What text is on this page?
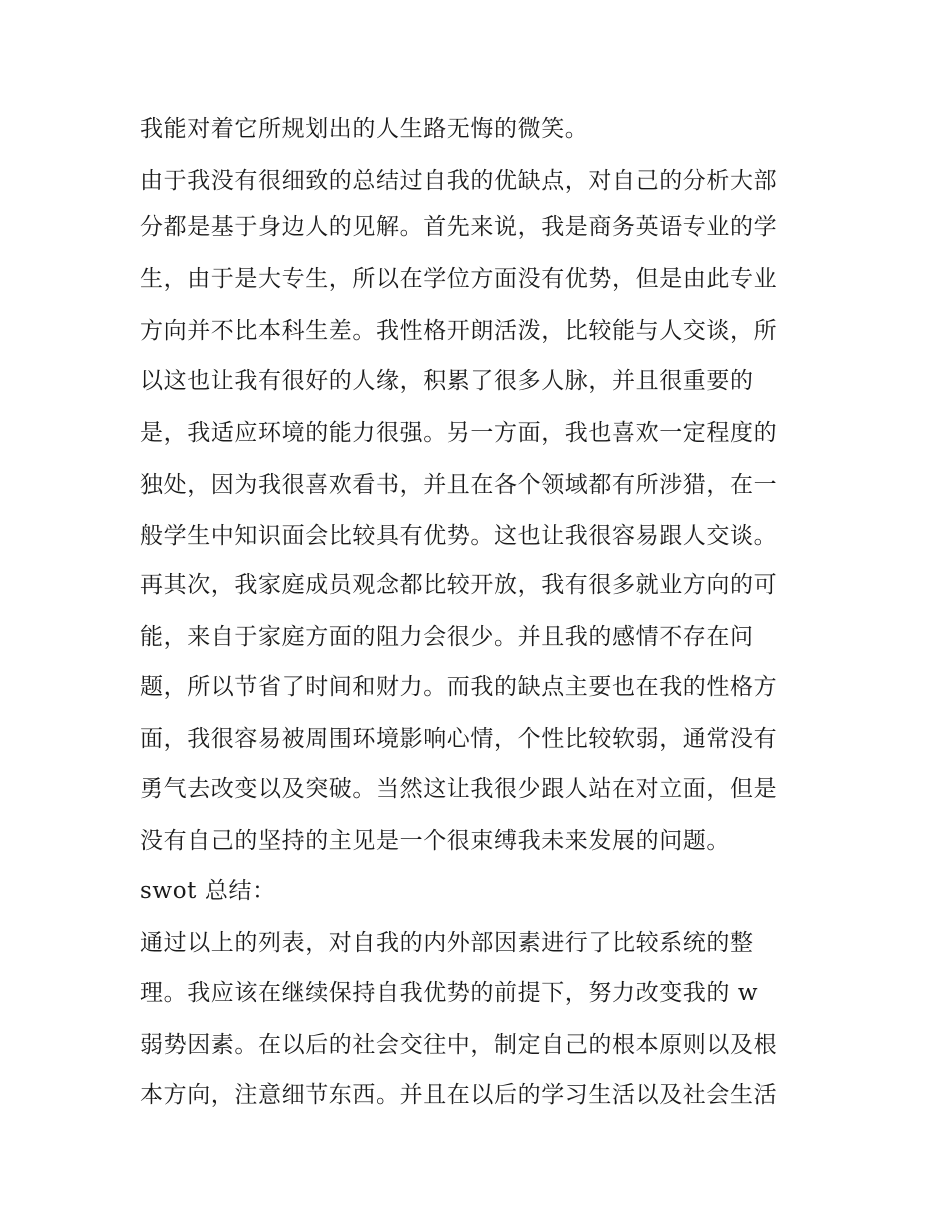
我能对着它所规划出的人生路无悔的微笑。
由于我没有很细致的总结过自我的优缺点，对自己的分析大部
分都是基于身边人的见解。首先来说，我是商务英语专业的学
生，由于是大专生，所以在学位方面没有优势，但是由此专业
方向并不比本科生差。我性格开朗活泼，比较能与人交谈，所
以这也让我有很好的人缘，积累了很多人脉，并且很重要的
是，我适应环境的能力很强。另一方面，我也喜欢一定程度的
独处，因为我很喜欢看书，并且在各个领域都有所涉猎，在一
般学生中知识面会比较具有优势。这也让我很容易跟人交谈。
再其次，我家庭成员观念都比较开放，我有很多就业方向的可
能，来自于家庭方面的阻力会很少。并且我的感情不存在问
题，所以节省了时间和财力。而我的缺点主要也在我的性格方
面，我很容易被周围环境影响心情，个性比较软弱，通常没有
勇气去改变以及突破。当然这让我很少跟人站在对立面，但是
没有自己的坚持的主见是一个很束缚我未来发展的问题。
swot 总结：
通过以上的列表，对自我的内外部因素进行了比较系统的整
理。我应该在继续保持自我优势的前提下，努力改变我的 w
弱势因素。在以后的社会交往中，制定自己的根本原则以及根
本方向，注意细节东西。并且在以后的学习生活以及社会生活
